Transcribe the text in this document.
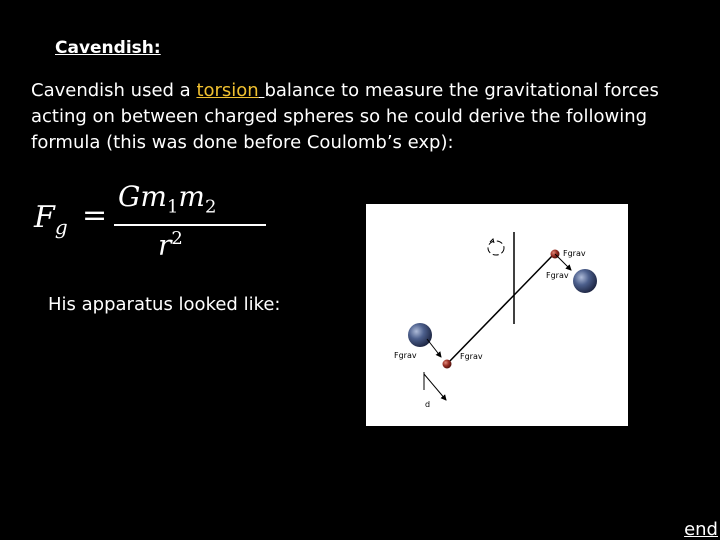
Cavendish:
Cavendish used a torsion balance to measure the gravitational forces acting on between charged spheres so he could derive the following formula (this was done before Coulomb’s exp):
$F_g$ =
$Gm_1m_2$
$r^2$
His apparatus looked like:
Fgrav
Fgrav
Fgrav	Fgrav
d
end
